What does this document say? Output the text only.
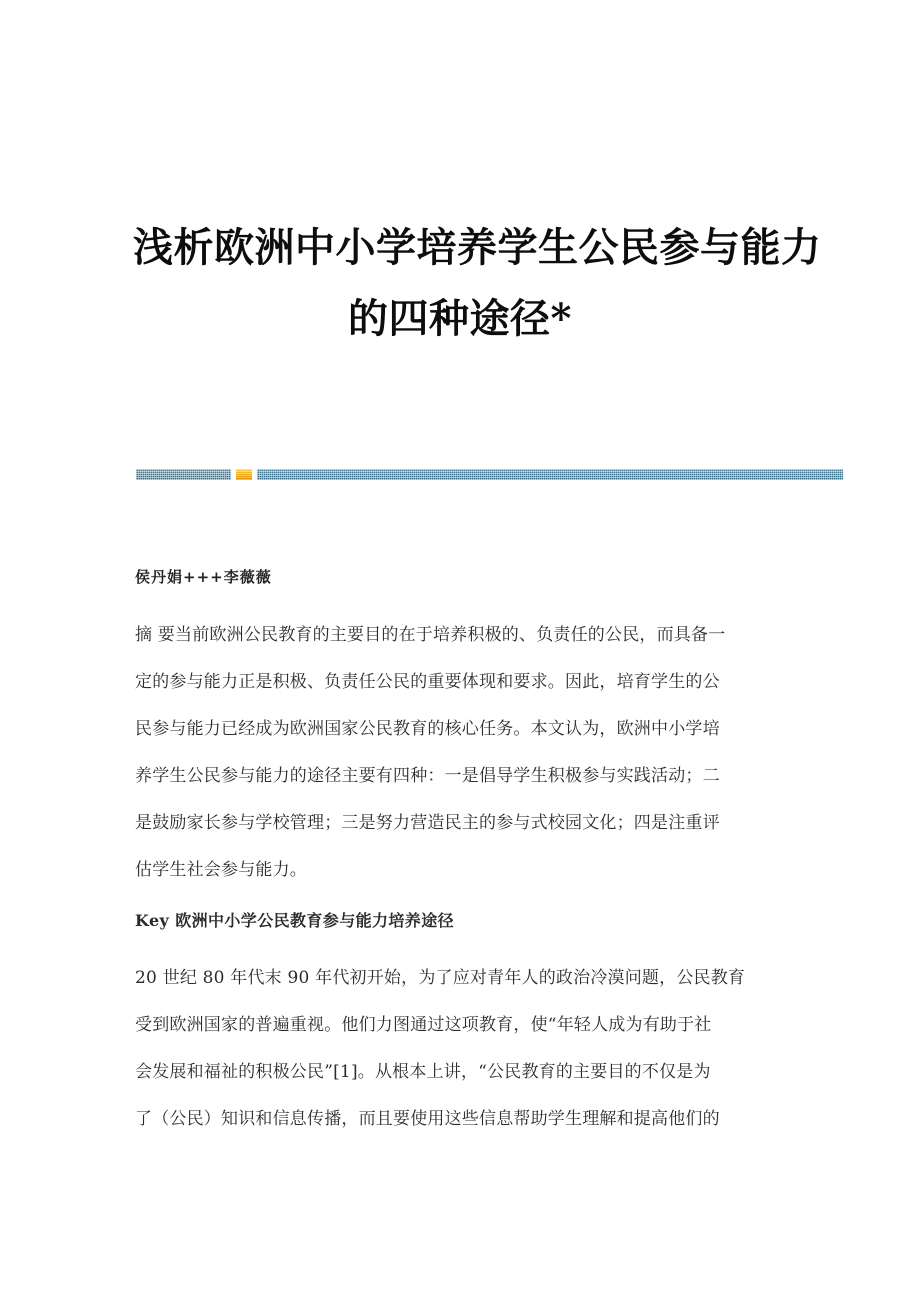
浅析欧洲中小学培养学生公民参与能力
的四种途径*
侯丹娟+++李薇薇
摘 要当前欧洲公民教育的主要目的在于培养积极的、负责任的公民，而具备一
定的参与能力正是积极、负责任公民的重要体现和要求。因此，培育学生的公
民参与能力已经成为欧洲国家公民教育的核心任务。本文认为，欧洲中小学培
养学生公民参与能力的途径主要有四种：一是倡导学生积极参与实践活动；二
是鼓励家长参与学校管理；三是努力营造民主的参与式校园文化；四是注重评
估学生社会参与能力。
Key 欧洲中小学公民教育参与能力培养途径
20 世纪 80 年代末 90 年代初开始，为了应对青年人的政治冷漠问题，公民教育
受到欧洲国家的普遍重视。他们力图通过这项教育，使“年轻人成为有助于社
会发展和福祉的积极公民”[1]。从根本上讲，“公民教育的主要目的不仅是为
了（公民）知识和信息传播，而且要使用这些信息帮助学生理解和提高他们的
